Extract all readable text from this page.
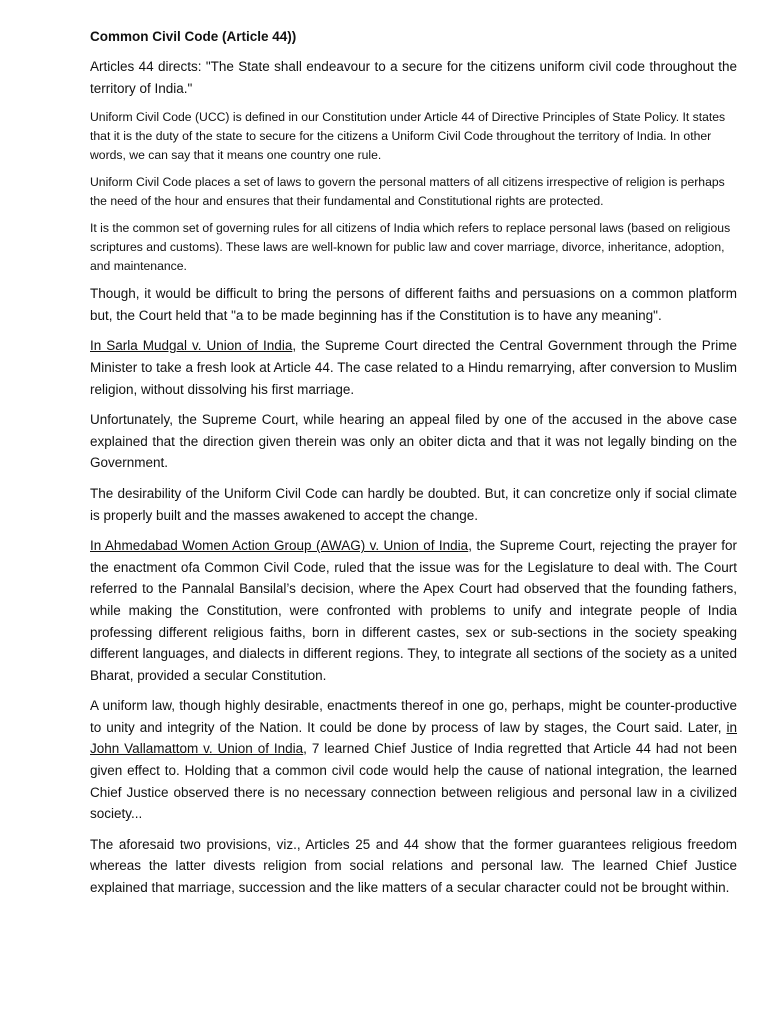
Common Civil Code (Article 44))

Articles 44 directs: "The State shall endeavour to a secure for the citizens uniform civil code throughout the territory of India."

Uniform Civil Code (UCC) is defined in our Constitution under Article 44 of Directive Principles of State Policy. It states that it is the duty of the state to secure for the citizens a Uniform Civil Code throughout the territory of India. In other words, we can say that it means one country one rule.

Uniform Civil Code places a set of laws to govern the personal matters of all citizens irrespective of religion is perhaps the need of the hour and ensures that their fundamental and Constitutional rights are protected.

It is the common set of governing rules for all citizens of India which refers to replace personal laws (based on religious scriptures and customs). These laws are well-known for public law and cover marriage, divorce, inheritance, adoption, and maintenance.

Though, it would be difficult to bring the persons of different faiths and persuasions on a common platform but, the Court held that "a to be made beginning has if the Constitution is to have any meaning".

In Sarla Mudgal v. Union of India, the Supreme Court directed the Central Government through the Prime Minister to take a fresh look at Article 44. The case related to a Hindu remarrying, after conversion to Muslim religion, without dissolving his first marriage.

Unfortunately, the Supreme Court, while hearing an appeal filed by one of the accused in the above case explained that the direction given therein was only an obiter dicta and that it was not legally binding on the Government.

The desirability of the Uniform Civil Code can hardly be doubted. But, it can concretize only if social climate is properly built and the masses awakened to accept the change.

In Ahmedabad Women Action Group (AWAG) v. Union of India, the Supreme Court, rejecting the prayer for the enactment ofa Common Civil Code, ruled that the issue was for the Legislature to deal with. The Court referred to the Pannalal Bansilal’s decision, where the Apex Court had observed that the founding fathers, while making the Constitution, were confronted with problems to unify and integrate people of India professing different religious faiths, born in different castes, sex or sub-sections in the society speaking different languages, and dialects in different regions. They, to integrate all sections of the society as a united Bharat, provided a secular Constitution.

A uniform law, though highly desirable, enactments thereof in one go, perhaps, might be counter-productive to unity and integrity of the Nation. It could be done by process of law by stages, the Court said. Later, in John Vallamattom v. Union of India, 7 learned Chief Justice of India regretted that Article 44 had not been given effect to. Holding that a common civil code would help the cause of national integration, the learned Chief Justice observed there is no necessary connection between religious and personal law in a civilized society...

The aforesaid two provisions, viz., Articles 25 and 44 show that the former guarantees religious freedom whereas the latter divests religion from social relations and personal law. The learned Chief Justice explained that marriage, succession and the like matters of a secular character could not be brought within.
